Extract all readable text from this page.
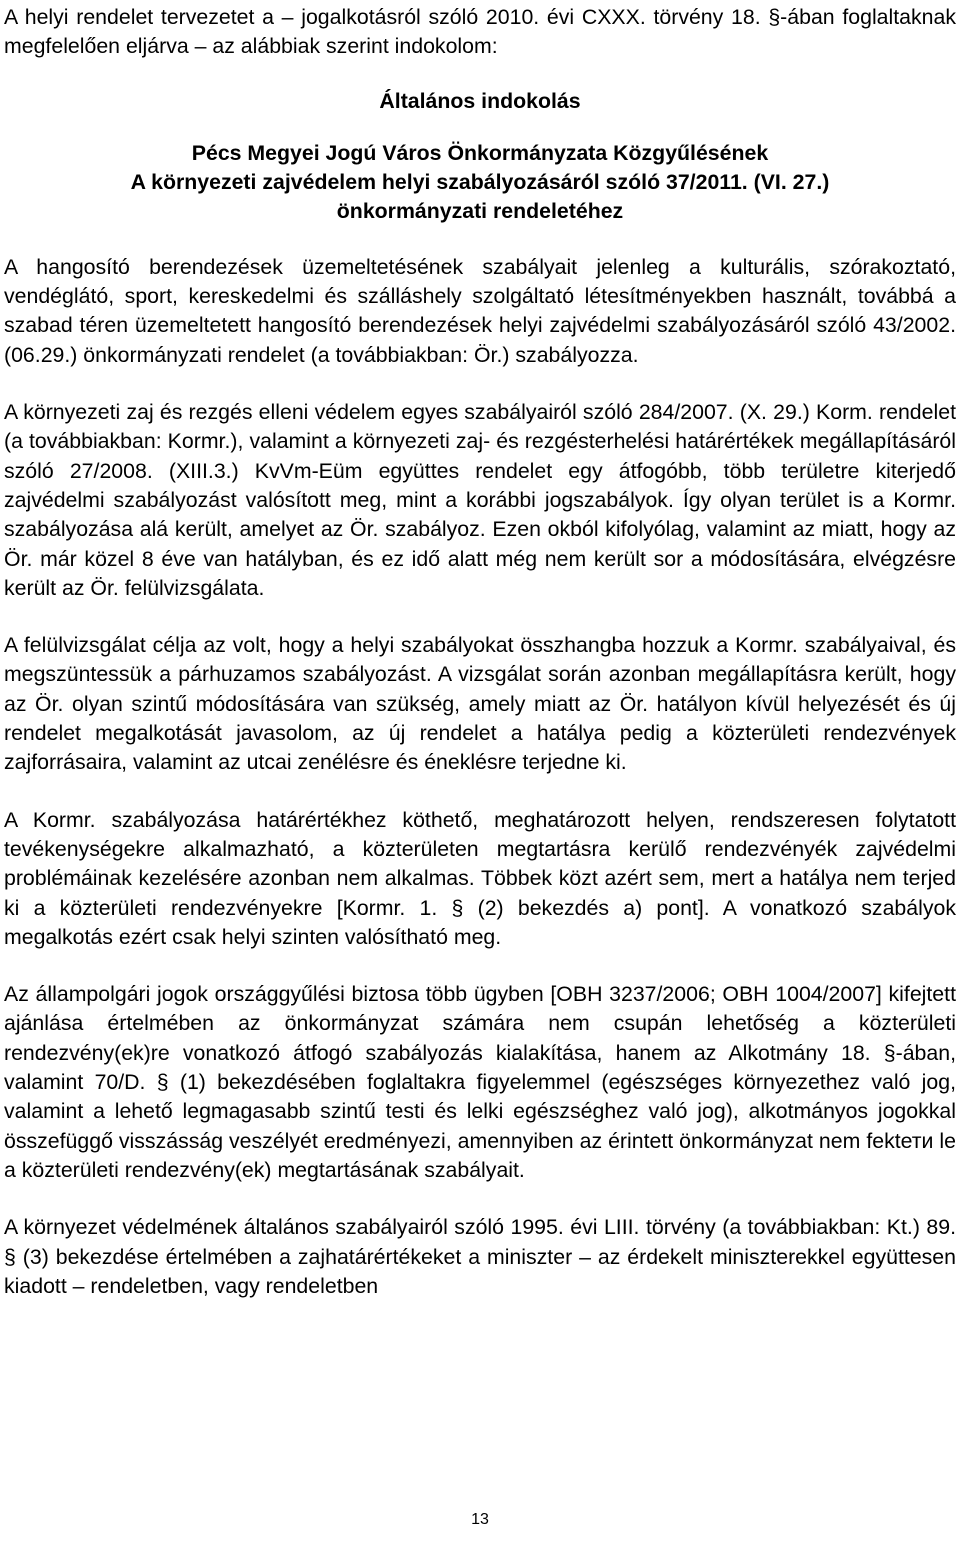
A helyi rendelet tervezetet a – jogalkotásról szóló 2010. évi CXXX. törvény 18. §-ában foglaltaknak megfelelően eljárva – az alábbiak szerint indokolom:

Általános indokolás

Pécs Megyei Jogú Város Önkormányzata Közgyűlésének
A környezeti zajvédelem helyi szabályozásáról szóló 37/2011. (VI. 27.)
önkormányzati rendeletéhez

A hangosító berendezések üzemeltetésének szabályait jelenleg a kulturális, szórakoztató, vendéglátó, sport, kereskedelmi és szálláshely szolgáltató létesítményekben használt, továbbá a szabad téren üzemeltetett hangosító berendezések helyi zajvédelmi szabályozásáról szóló 43/2002. (06.29.) önkormányzati rendelet (a továbbiakban: Ör.) szabályozza.

A környezeti zaj és rezgés elleni védelem egyes szabályairól szóló 284/2007. (X. 29.) Korm. rendelet (a továbbiakban: Kormr.), valamint a környezeti zaj- és rezgésterhelési határértékek megállapításáról szóló 27/2008. (XIII.3.) KvVm-Eüm együttes rendelet egy átfogóbb, több területre kiterjedő zajvédelmi szabályozást valósított meg, mint a korábbi jogszabályok. Így olyan terület is a Kormr. szabályozása alá került, amelyet az Ör. szabályoz. Ezen okból kifolyólag, valamint az miatt, hogy az Ör. már közel 8 éve van hatályban, és ez idő alatt még nem került sor a módosítására, elvégzésre került az Ör. felülvizsgálata.

A felülvizsgálat célja az volt, hogy a helyi szabályokat összhangba hozzuk a Kormr. szabályaival, és megszüntessük a párhuzamos szabályozást. A vizsgálat során azonban megállapításra került, hogy az Ör. olyan szintű módosítására van szükség, amely miatt az Ör. hatályon kívül helyezését és új rendelet megalkotását javasolom, az új rendelet a hatálya pedig a közterületi rendezvények zajforrásaira, valamint az utcai zenélésre és éneklésre terjedne ki.

A Kormr. szabályozása határértékhez köthető, meghatározott helyen, rendszeresen folytatott tevékenységekre alkalmazható, a közterületen megtartásra kerülő rendezvényék zajvédelmi problémáinak kezelésére azonban nem alkalmas. Többek közt azért sem, mert a hatálya nem terjed ki a közterületi rendezvényekre [Kormr. 1. § (2) bekezdés a) pont]. A vonatkozó szabályok megalkotás ezért csak helyi szinten valósítható meg.

Az állampolgári jogok országgyűlési biztosa több ügyben [OBH 3237/2006; OBH 1004/2007] kifejtett ajánlása értelmében az önkormányzat számára nem csupán lehetőség a közterületi rendezvény(ek)re vonatkozó átfogó szabályozás kialakítása, hanem az Alkotmány 18. §-ában, valamint 70/D. § (1) bekezdésében foglaltakra figyelemmel (egészséges környezethez való jog, valamint a lehető legmagasabb szintű testi és lelki egészséghez való jog), alkotmányos jogokkal összefüggő visszásság veszélyét eredményezi, amennyiben az érintett önkormányzat nem fektети le a közterületi rendezvény(ek) megtartásának szabályait.

A környezet védelmének általános szabályairól szóló 1995. évi LIII. törvény (a továbbiakban: Kt.) 89. § (3) bekezdése értelmében a zajhatárértékeket a miniszter – az érdekelt miniszterekkel együttesen kiadott – rendeletben, vagy rendeletben

13
